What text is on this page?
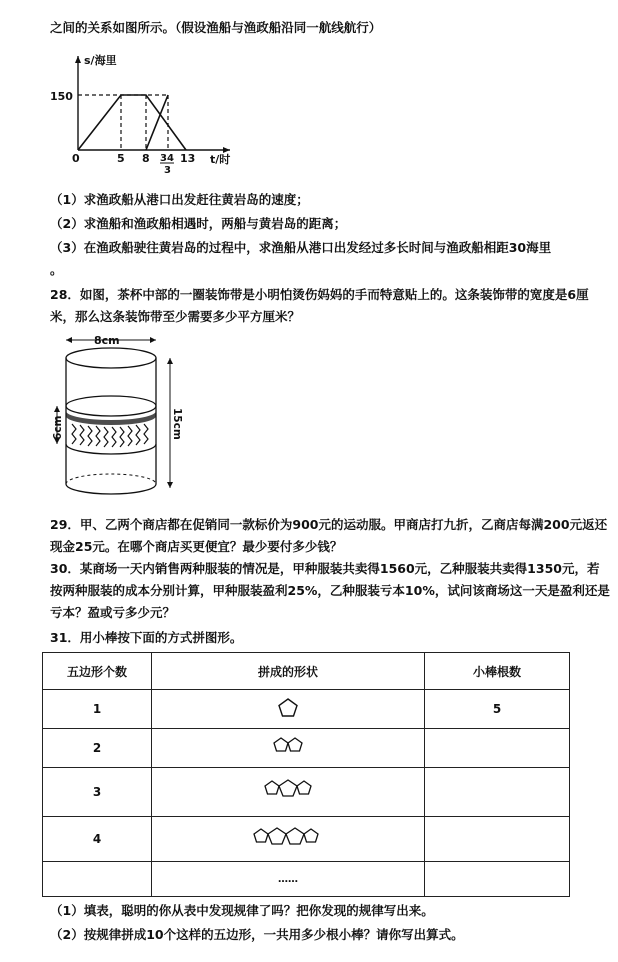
之间的关系如图所示。（假设渔船与渔政船沿同一航线航行）
s/海里
t/时
150
0	5 8 34
3
13
（1）求渔政船从港口出发赶往黄岩岛的速度；
（2）求渔船和渔政船相遇时，两船与黄岩岛的距离；
（3）在渔政船驶往黄岩岛的过程中，求渔船从港口出发经过多长时间与渔政船相距30海里
。
28．如图，茶杯中部的一圈装饰带是小明怕烫伤妈妈的手而特意贴上的。这条装饰带的宽度是6厘米，那么这条装饰带至少需要多少平方厘米？
8cm
6cm	15cm
29．甲、乙两个商店都在促销同一款标价为900元的运动服。甲商店打九折，乙商店每满200元返还现金25元。在哪个商店买更便宜？最少要付多少钱？
30．某商场一天内销售两种服装的情况是，甲种服装共卖得1560元，乙种服装共卖得1350元，若按两种服装的成本分别计算，甲种服装盈利25%，乙种服装亏本10%，试问该商场这一天是盈利还是亏本？盈或亏多少元？
31．用小棒按下面的方式拼图形。
五边形个数	拼成的形状	小棒根数
1		5
2		
3		
4		
	……	
（1）填表，聪明的你从表中发现规律了吗？把你发现的规律写出来。
（2）按规律拼成10个这样的五边形，一共用多少根小棒？请你写出算式。
